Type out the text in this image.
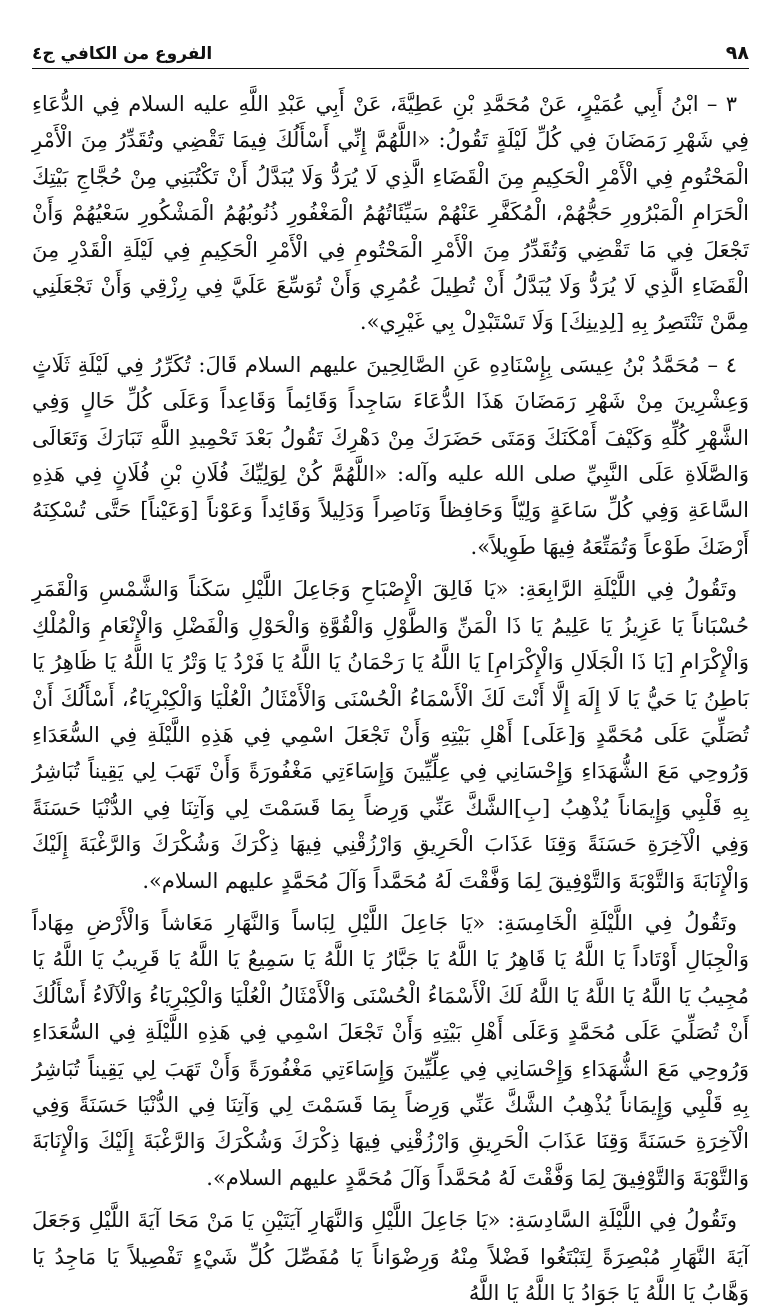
٩٨
الفروع من الكافي ج٤

٣ – ابْنُ أَبِي عُمَيْرٍ، عَنْ مُحَمَّدِ بْنِ عَطِيَّةَ، عَنْ أَبِي عَبْدِ اللَّهِ عليه السلام فِي الدُّعَاءِ فِي شَهْرِ رَمَضَانَ فِي كُلِّ لَيْلَةٍ تَقُولُ: «اللَّهُمَّ إِنِّي أَسْأَلُكَ فِيمَا تَقْضِي وتُقَدِّرُ مِنَ الْأَمْرِ الْمَحْتُومِ فِي الْأَمْرِ الْحَكِيمِ مِنَ الْقَضَاءِ الَّذِي لَا يُرَدُّ وَلَا يُبَدَّلُ أَنْ تَكْتُبَنِي مِنْ حُجَّاجِ بَيْتِكَ الْحَرَامِ الْمَبْرُورِ حَجُّهُمْ، الْمُكَفَّرِ عَنْهُمْ سَيِّئَاتُهُمُ الْمَغْفُورِ ذُنُوبُهُمُ الْمَشْكُورِ سَعْيُهُمْ وَأَنْ تَجْعَلَ فِي مَا تَقْضِي وَتُقَدِّرُ مِنَ الْأَمْرِ الْمَحْتُومِ فِي الْأَمْرِ الْحَكِيمِ فِي لَيْلَةِ الْقَدْرِ مِنَ الْقَضَاءِ الَّذِي لَا يُرَدُّ وَلَا يُبَدَّلُ أَنْ تُطِيلَ عُمُرِي وَأَنْ تُوَسِّعَ عَلَيَّ فِي رِزْقِي وَأَنْ تَجْعَلَنِي مِمَّنْ تَنْتَصِرُ بِهِ [لِدِينِكَ] وَلَا تَسْتَبْدِلْ بِي غَيْرِي».

٤ – مُحَمَّدُ بْنُ عِيسَى بِإِسْنَادِهِ عَنِ الصَّالِحِينَ عليهم السلام قَالَ: تُكَرِّرُ فِي لَيْلَةِ ثَلَاثٍ وَعِشْرِينَ مِنْ شَهْرِ رَمَضَانَ هَذَا الدُّعَاءَ سَاجِداً وَقَائِماً وَقَاعِداً وَعَلَى كُلِّ حَالٍ وَفِي الشَّهْرِ كُلِّهِ وَكَيْفَ أَمْكَنَكَ وَمَتَى حَضَرَكَ مِنْ دَهْرِكَ تَقُولُ بَعْدَ تَحْمِيدِ اللَّهِ تَبَارَكَ وَتَعَالَى وَالصَّلَاةِ عَلَى النَّبِيِّ صلى الله عليه وآله: «اللَّهُمَّ كُنْ لِوَلِيِّكَ فُلَانِ بْنِ فُلَانٍ فِي هَذِهِ السَّاعَةِ وَفِي كُلِّ سَاعَةٍ وَلِيّاً وَحَافِظاً وَنَاصِراً وَدَلِيلاً وَقَائِداً وَعَوْناً [وَعَيْناً] حَتَّى تُسْكِنَهُ أَرْضَكَ طَوْعاً وَتُمَتِّعَهُ فِيهَا طَوِيلاً».

وتَقُولُ فِي اللَّيْلَةِ الرَّابِعَةِ: «يَا فَالِقَ الْإِصْبَاحِ وَجَاعِلَ اللَّيْلِ سَكَناً وَالشَّمْسِ وَالْقَمَرِ حُسْبَاناً يَا عَزِيزُ يَا عَلِيمُ يَا ذَا الْمَنِّ وَالطَّوْلِ وَالْقُوَّةِ وَالْحَوْلِ وَالْفَضْلِ وَالْإِنْعَامِ وَالْمُلْكِ وَالْإِكْرَامِ [يَا ذَا الْجَلَالِ وَالْإِكْرَامِ] يَا اللَّهُ يَا رَحْمَانُ يَا اللَّهُ يَا فَرْدُ يَا وَتْرُ يَا اللَّهُ يَا ظَاهِرُ يَا بَاطِنُ يَا حَيُّ يَا لَا إِلَهَ إِلَّا أَنْتَ لَكَ الْأَسْمَاءُ الْحُسْنَى وَالْأَمْثَالُ الْعُلْيَا وَالْكِبْرِيَاءُ، أَسْأَلُكَ أَنْ تُصَلِّيَ عَلَى مُحَمَّدٍ وَ[عَلَى] أَهْلِ بَيْتِهِ وَأَنْ تَجْعَلَ اسْمِي فِي هَذِهِ اللَّيْلَةِ فِي السُّعَدَاءِ وَرُوحِي مَعَ الشُّهَدَاءِ وَإِحْسَانِي فِي عِلِّيِّينَ وَإِسَاءَتِي مَغْفُورَةً وَأَنْ تَهَبَ لِي يَقِيناً تُبَاشِرُ بِهِ قَلْبِي وَإِيمَاناً يُذْهِبُ [بِ]الشَّكَّ عَنِّي وَرِضاً بِمَا قَسَمْتَ لِي وَآتِنَا فِي الدُّنْيَا حَسَنَةً وَفِي الْآخِرَةِ حَسَنَةً وَقِنَا عَذَابَ الْحَرِيقِ وَارْزُقْنِي فِيهَا ذِكْرَكَ وَشُكْرَكَ وَالرَّغْبَةَ إِلَيْكَ وَالْإِنَابَةَ وَالتَّوْبَةَ وَالتَّوْفِيقَ لِمَا وَفَّقْتَ لَهُ مُحَمَّداً وَآلَ مُحَمَّدٍ عليهم السلام».

وتَقُولُ فِي اللَّيْلَةِ الْخَامِسَةِ: «يَا جَاعِلَ اللَّيْلِ لِبَاساً وَالنَّهَارِ مَعَاشاً وَالْأَرْضِ مِهَاداً وَالْجِبَالِ أَوْتَاداً يَا اللَّهُ يَا قَاهِرُ يَا اللَّهُ يَا جَبَّارُ يَا اللَّهُ يَا سَمِيعُ يَا اللَّهُ يَا قَرِيبُ يَا اللَّهُ يَا مُجِيبُ يَا اللَّهُ يَا اللَّهُ يَا اللَّهُ لَكَ الْأَسْمَاءُ الْحُسْنَى وَالْأَمْثَالُ الْعُلْيَا وَالْكِبْرِيَاءُ وَالْآلَاءُ أَسْأَلُكَ أَنْ تُصَلِّيَ عَلَى مُحَمَّدٍ وَعَلَى أَهْلِ بَيْتِهِ وَأَنْ تَجْعَلَ اسْمِي فِي هَذِهِ اللَّيْلَةِ فِي السُّعَدَاءِ وَرُوحِي مَعَ الشُّهَدَاءِ وَإِحْسَانِي فِي عِلِّيِّينَ وَإِسَاءَتِي مَغْفُورَةً وَأَنْ تَهَبَ لِي يَقِيناً تُبَاشِرُ بِهِ قَلْبِي وَإِيمَاناً يُذْهِبُ الشَّكَّ عَنِّي وَرِضاً بِمَا قَسَمْتَ لِي وَآتِنَا فِي الدُّنْيَا حَسَنَةً وَفِي الْآخِرَةِ حَسَنَةً وَقِنَا عَذَابَ الْحَرِيقِ وَارْزُقْنِي فِيهَا ذِكْرَكَ وَشُكْرَكَ وَالرَّغْبَةَ إِلَيْكَ وَالْإِنَابَةَ وَالتَّوْبَةَ وَالتَّوْفِيقَ لِمَا وَفَّقْتَ لَهُ مُحَمَّداً وَآلَ مُحَمَّدٍ عليهم السلام».

وتَقُولُ فِي اللَّيْلَةِ السَّادِسَةِ: «يَا جَاعِلَ اللَّيْلِ وَالنَّهَارِ آيَتَيْنِ يَا مَنْ مَحَا آيَةَ اللَّيْلِ وَجَعَلَ آيَةَ النَّهَارِ مُبْصِرَةً لِتَبْتَغُوا فَضْلاً مِنْهُ وَرِضْوَاناً يَا مُفَصِّلَ كُلِّ شَيْءٍ تَفْصِيلاً يَا مَاجِدُ يَا وَهَّابُ يَا اللَّهُ يَا جَوَادُ يَا اللَّهُ يَا اللَّهُ
